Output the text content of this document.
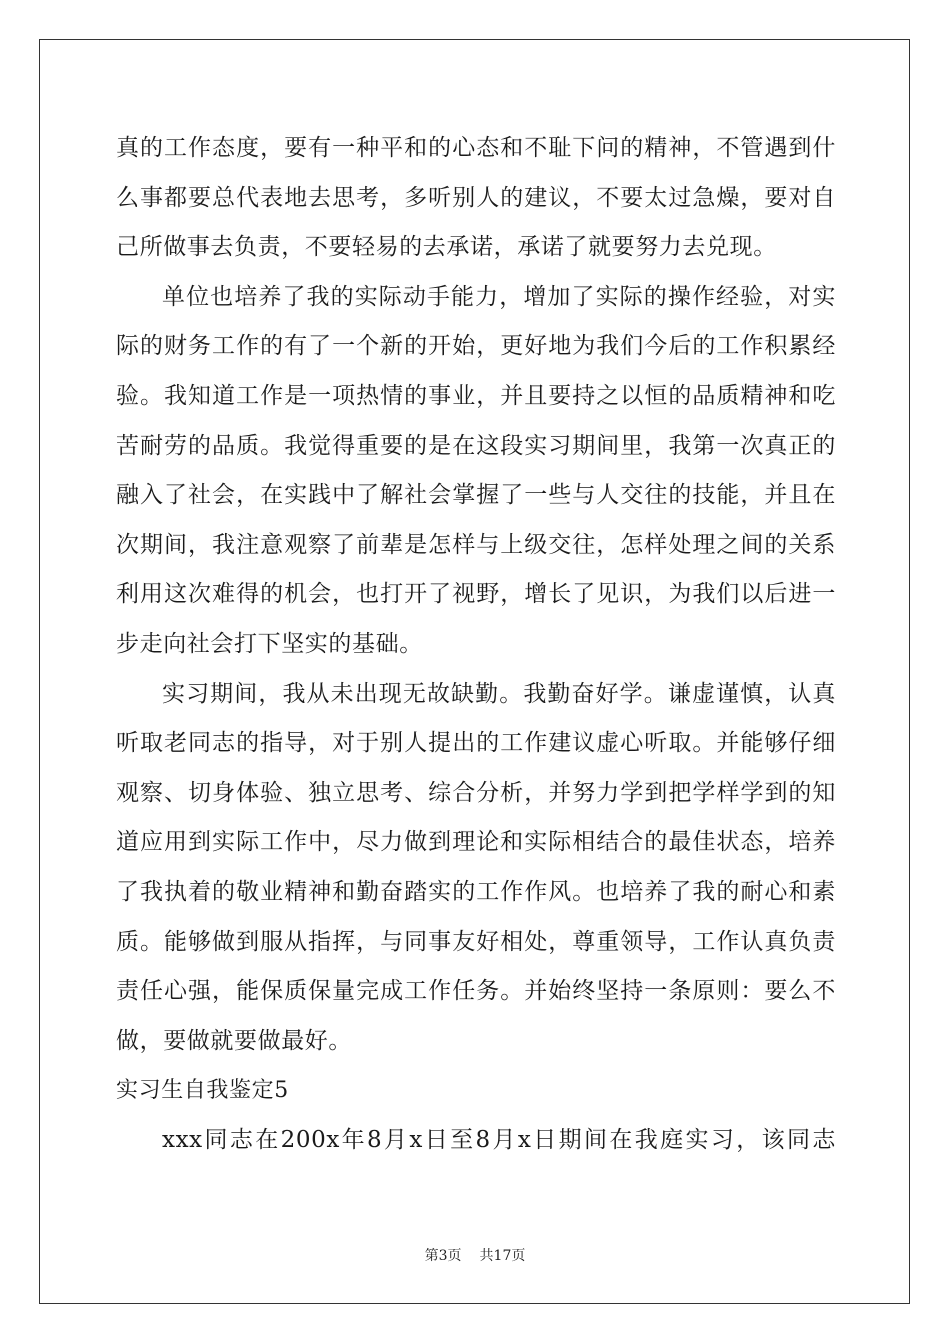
真的工作态度，要有一种平和的心态和不耻下问的精神，不管遇到什
么事都要总代表地去思考，多听别人的建议，不要太过急燥，要对自
己所做事去负责，不要轻易的去承诺，承诺了就要努力去兑现。
单位也培养了我的实际动手能力，增加了实际的操作经验，对实
际的财务工作的有了一个新的开始，更好地为我们今后的工作积累经
验。我知道工作是一项热情的事业，并且要持之以恒的品质精神和吃
苦耐劳的品质。我觉得重要的是在这段实习期间里，我第一次真正的
融入了社会，在实践中了解社会掌握了一些与人交往的技能，并且在
次期间，我注意观察了前辈是怎样与上级交往，怎样处理之间的关系
利用这次难得的机会，也打开了视野，增长了见识，为我们以后进一
步走向社会打下坚实的基础。
实习期间，我从未出现无故缺勤。我勤奋好学。谦虚谨慎，认真
听取老同志的指导，对于别人提出的工作建议虚心听取。并能够仔细
观察、切身体验、独立思考、综合分析，并努力学到把学样学到的知
道应用到实际工作中，尽力做到理论和实际相结合的最佳状态，培养
了我执着的敬业精神和勤奋踏实的工作作风。也培养了我的耐心和素
质。能够做到服从指挥，与同事友好相处，尊重领导，工作认真负责
责任心强，能保质保量完成工作任务。并始终坚持一条原则：要么不
做，要做就要做最好。
实习生自我鉴定5
xxx同志在200x年8月x日至8月x日期间在我庭实习，该同志
第3页 共17页
